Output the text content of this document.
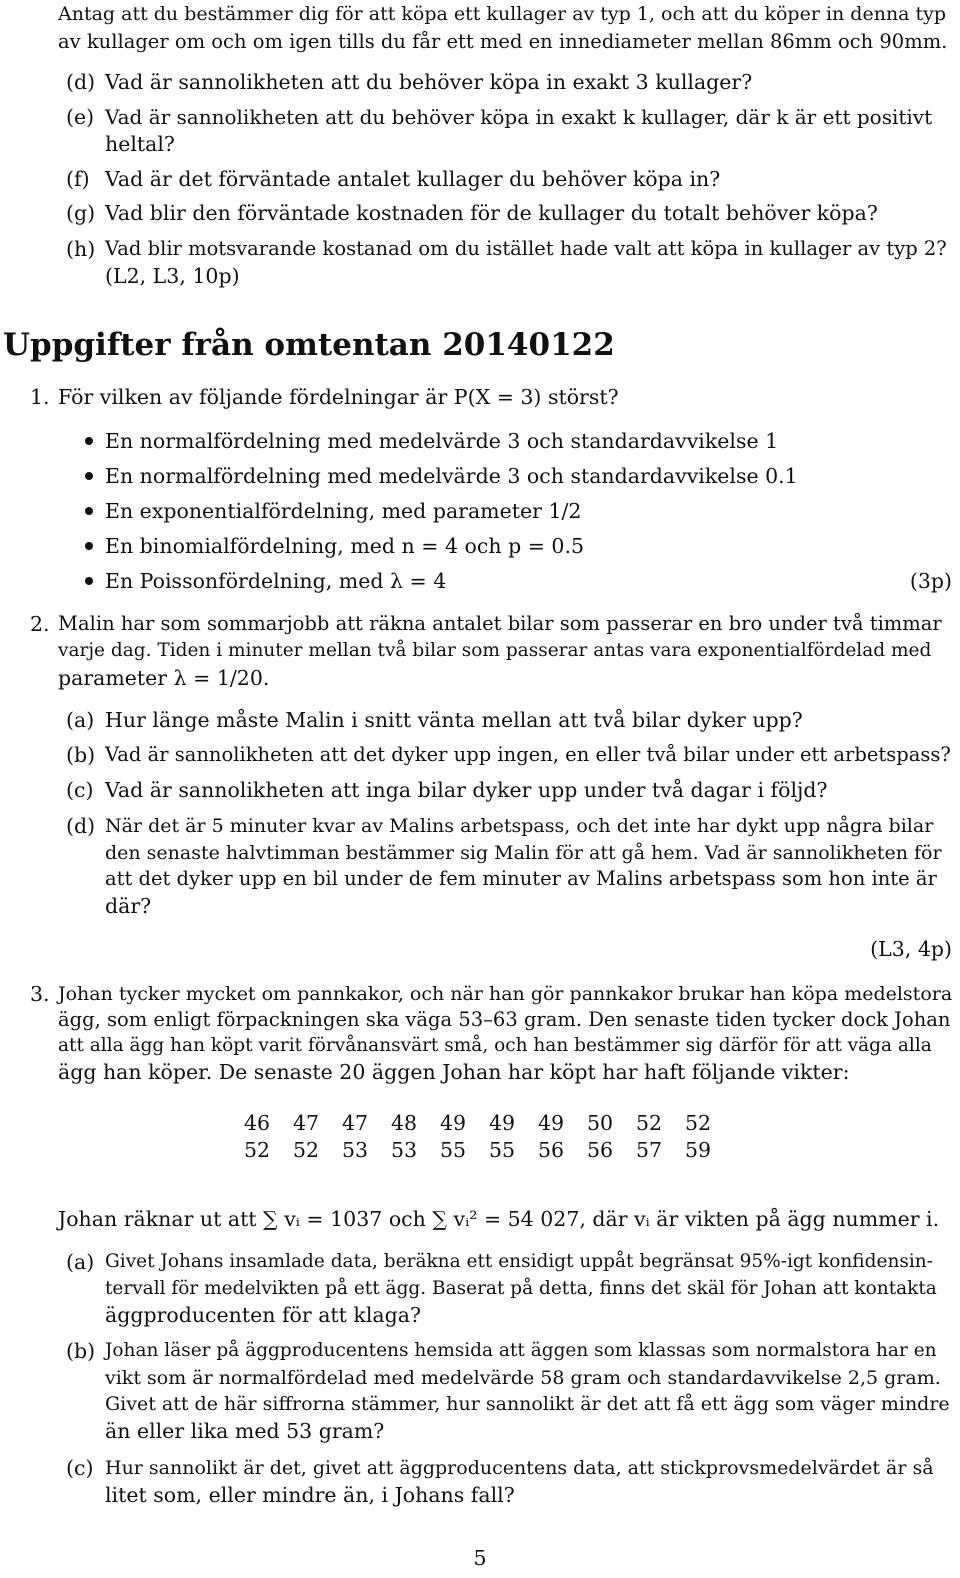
Antag att du bestämmer dig för att köpa ett kullager av typ 1, och att du köper in denna typ
av kullager om och om igen tills du får ett med en innediameter mellan 86mm och 90mm.
(d) Vad är sannolikheten att du behöver köpa in exakt 3 kullager?
(e) Vad är sannolikheten att du behöver köpa in exakt k kullager, där k är ett positivt
heltal?
(f) Vad är det förväntade antalet kullager du behöver köpa in?
(g) Vad blir den förväntade kostnaden för de kullager du totalt behöver köpa?
(h) Vad blir motsvarande kostanad om du istället hade valt att köpa in kullager av typ 2?
(L2, L3, 10p)
Uppgifter från omtentan 20140122
1. För vilken av följande fördelningar är P(X = 3) störst?
En normalfördelning med medelvärde 3 och standardavvikelse 1
En normalfördelning med medelvärde 3 och standardavvikelse 0.1
En exponentialfördelning, med parameter 1/2
En binomialfördelning, med n = 4 och p = 0.5
En Poissonfördelning, med λ = 4	(3p)
2. Malin har som sommarjobb att räkna antalet bilar som passerar en bro under två timmar
varje dag. Tiden i minuter mellan två bilar som passerar antas vara exponentialfördelad med
parameter λ = 1/20.
(a) Hur länge måste Malin i snitt vänta mellan att två bilar dyker upp?
(b) Vad är sannolikheten att det dyker upp ingen, en eller två bilar under ett arbetspass?
(c) Vad är sannolikheten att inga bilar dyker upp under två dagar i följd?
(d) När det är 5 minuter kvar av Malins arbetspass, och det inte har dykt upp några bilar
den senaste halvtimman bestämmer sig Malin för att gå hem. Vad är sannolikheten för
att det dyker upp en bil under de fem minuter av Malins arbetspass som hon inte är
där?
(L3, 4p)
3. Johan tycker mycket om pannkakor, och när han gör pannkakor brukar han köpa medelstora
ägg, som enligt förpackningen ska väga 53–63 gram. Den senaste tiden tycker dock Johan
att alla ägg han köpt varit förvånansvärt små, och han bestämmer sig därför för att väga alla
ägg han köper. De senaste 20 äggen Johan har köpt har haft följande vikter:
46	47	47	48	49	49	49	50	52	52
52	52	53	53	55	55	56	56	57	59
Johan räknar ut att ∑ vᵢ = 1037 och ∑ vᵢ² = 54 027, där vᵢ är vikten på ägg nummer i.
(a) Givet Johans insamlade data, beräkna ett ensidigt uppåt begränsat 95%-igt konfidensin-
tervall för medelvikten på ett ägg. Baserat på detta, finns det skäl för Johan att kontakta
äggproducenten för att klaga?
(b) Johan läser på äggproducentens hemsida att äggen som klassas som normalstora har en
vikt som är normalfördelad med medelvärde 58 gram och standardavvikelse 2,5 gram.
Givet att de här siffrorna stämmer, hur sannolikt är det att få ett ägg som väger mindre
än eller lika med 53 gram?
(c) Hur sannolikt är det, givet att äggproducentens data, att stickprovsmedelvärdet är så
litet som, eller mindre än, i Johans fall?
5
